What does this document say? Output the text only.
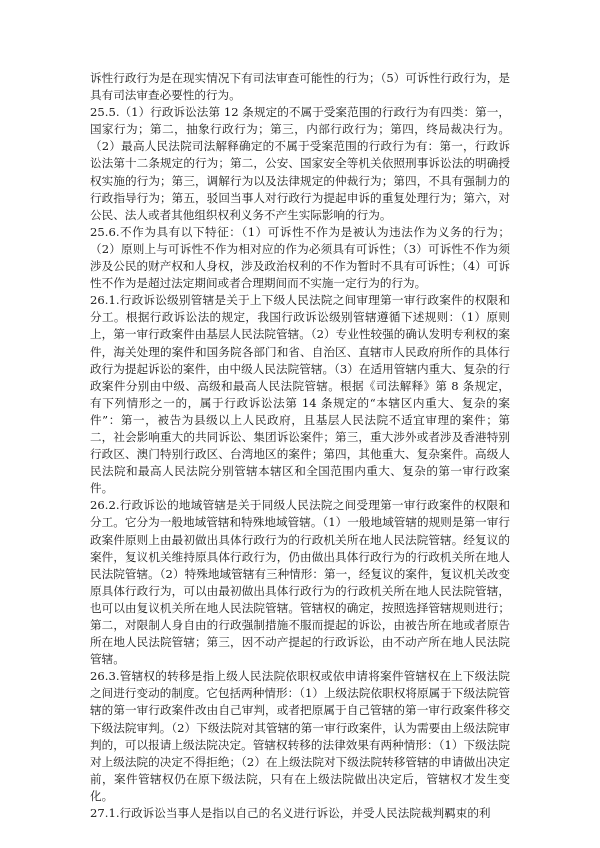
诉性行政行为是在现实情况下有司法审查可能性的行为；（5）可诉性行政行为，是具有司法审查必要性的行为。

25.5.（1）行政诉讼法第 12 条规定的不属于受案范围的行政行为有四类：第一，国家行为；第二，抽象行政行为；第三，内部行政行为；第四，终局裁决行为。（2）最高人民法院司法解释确定的不属于受案范围的行政行为有：第一，行政诉讼法第十二条规定的行为；第二，公安、国家安全等机关依照刑事诉讼法的明确授权实施的行为；第三，调解行为以及法律规定的仲裁行为；第四，不具有强制力的行政指导行为；第五，驳回当事人对行政行为提起申诉的重复处理行为；第六，对公民、法人或者其他组织权利义务不产生实际影响的行为。

25.6.不作为具有以下特征：（1）可诉性不作为是被认为违法作为义务的行为；（2）原则上与可诉性不作为相对应的作为必须具有可诉性；（3）可诉性不作为须涉及公民的财产权和人身权，涉及政治权利的不作为暂时不具有可诉性；（4）可诉性不作为是超过法定期间或者合理期间而不实施一定行为的行为。

26.1.行政诉讼级别管辖是关于上下级人民法院之间审理第一审行政案件的权限和分工。根据行政诉讼法的规定，我国行政诉讼级别管辖遵循下述规则：（1）原则上，第一审行政案件由基层人民法院管辖。（2）专业性较强的确认发明专利权的案件，海关处理的案件和国务院各部门和省、自治区、直辖市人民政府所作的具体行政行为提起诉讼的案件，由中级人民法院管辖。（3）在适用管辖内重大、复杂的行政案件分别由中级、高级和最高人民法院管辖。根据《司法解释》第 8 条规定，有下列情形之一的，属于行政诉讼法第 14 条规定的“本辖区内重大、复杂的案件”：第一，被告为县级以上人民政府，且基层人民法院不适宜审理的案件；第二，社会影响重大的共同诉讼、集团诉讼案件；第三，重大涉外或者涉及香港特别行政区、澳门特别行政区、台湾地区的案件；第四，其他重大、复杂案件。高级人民法院和最高人民法院分别管辖本辖区和全国范围内重大、复杂的第一审行政案件。

26.2.行政诉讼的地域管辖是关于同级人民法院之间受理第一审行政案件的权限和分工。它分为一般地域管辖和特殊地域管辖。（1）一般地域管辖的规则是第一审行政案件原则上由最初做出具体行政行为的行政机关所在地人民法院管辖。经复议的案件，复议机关维持原具体行政行为，仍由做出具体行政行为的行政机关所在地人民法院管辖。（2）特殊地域管辖有三种情形：第一，经复议的案件，复议机关改变原具体行政行为，可以由最初做出具体行政行为的行政机关所在地人民法院管辖，也可以由复议机关所在地人民法院管辖。管辖权的确定，按照选择管辖规则进行；第二，对限制人身自由的行政强制措施不服而提起的诉讼，由被告所在地或者原告所在地人民法院管辖；第三，因不动产提起的行政诉讼，由不动产所在地人民法院管辖。

26.3.管辖权的转移是指上级人民法院依职权或依申请将案件管辖权在上下级法院之间进行变动的制度。它包括两种情形：（1）上级法院依职权将原属于下级法院管辖的第一审行政案件改由自己审判，或者把原属于自己管辖的第一审行政案件移交下级法院审判。（2）下级法院对其管辖的第一审行政案件，认为需要由上级法院审判的，可以报请上级法院决定。管辖权转移的法律效果有两种情形：（1）下级法院对上级法院的决定不得拒绝；（2）在上级法院对下级法院转移管辖的申请做出决定前，案件管辖权仍在原下级法院，只有在上级法院做出决定后，管辖权才发生变化。

27.1.行政诉讼当事人是指以自己的名义进行诉讼，并受人民法院裁判羁束的利
